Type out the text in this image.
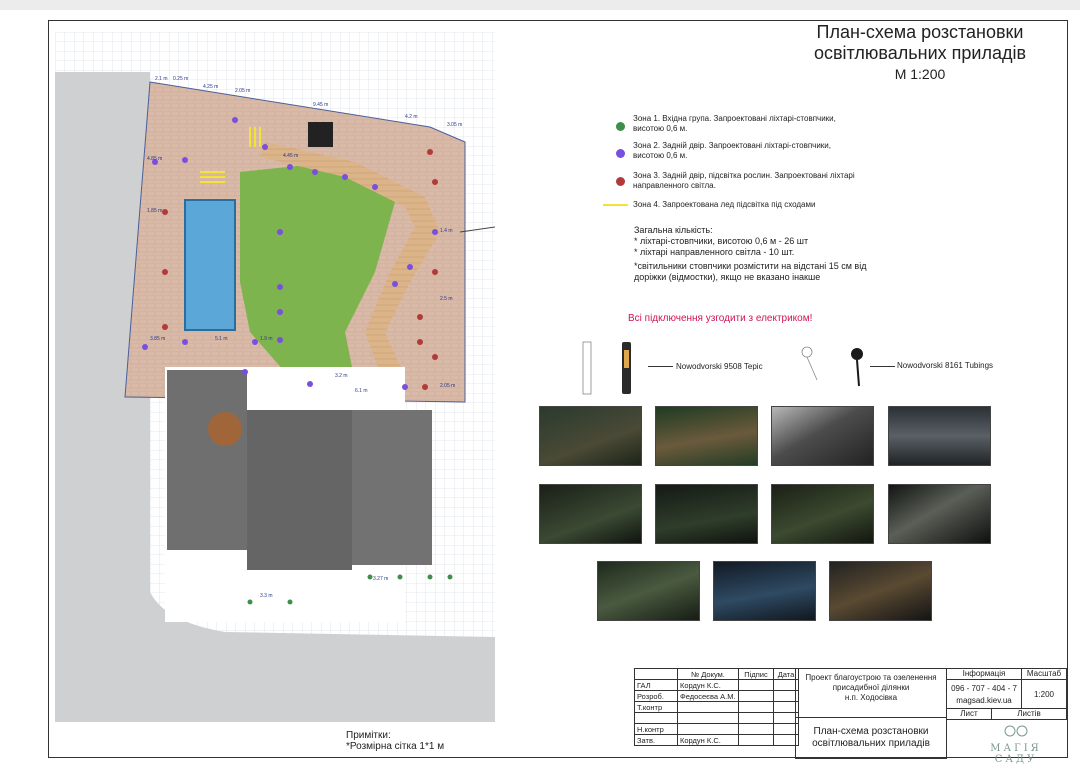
2.1 m 0.25 m
4.25 m
2.05 m
9.45 m
4.2 m
3.05 m
4.45 m
1.85 m
3.85 m	5.1 m	1.9 m
3.2 m
3.3 m
3.27 m
2.5 m
2.05 m
6.1 m
1.4 m
4.85 m
План-схема розстановки
освітлювальних приладів
М 1:200
Зона 1. Вхідна група. Запроектовані ліхтарі-стовпчики, висотою 0,6 м.
Зона 2. Задній двір. Запроектовані ліхтарі-стовпчики, висотою 0,6 м.
Зона 3. Задній двір, підсвітка рослин. Запроектовані ліхтарі направленного світла.
Зона 4. Запроектована лед підсвітка під сходами
Загальна кількість:
* ліхтарі-стовпчики, висотою 0,6 м - 26 шт
* ліхтарі направленного світла - 10 шт.
*світильники стовпчики розмістити на відстані 15 см від доріжки (відмостки), якщо не вказано інакше
Всі підключення узгодити з електриком!
Nowodvorski 9508 Tepic	Nowodvorski 8161 Tubings
Примітки:
*Розмірна сітка 1*1 м
	№ Докум.	Підпис	Дата
ГАЛ	Кордун К.С.		
Розроб.	Федосеєва А.М.		
Т.контр			

Н.контр			
Затв.	Кордун К.С.		
Проект благоустрою та озеленення присадибної ділянки
н.п. Ходосівка
Інформація	Масштаб
096 - 707 - 404 - 7
magsad.kiev.ua
1:200
Лист	Листів
План-схема розстановки
освітлювальних приладів	МАГІЯ САДУ
